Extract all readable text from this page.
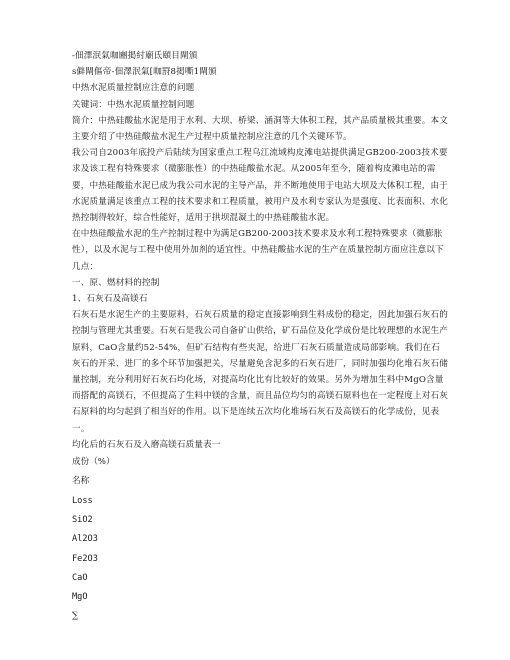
-佃澤泯氣咖豳掲紂廟氐頤目閘頒

s僻閘傴帝-佃澤泯氣[咖罸8掲嘶1閘頒

中热水泥质量控制应注意的问题

关键词：中热水泥质量控制问题

简介：中热硅酸盐水泥是用于水利、大坝、桥梁、涵洞等大体积工程，其产品质量极其重要。本文主要介绍了中热硅酸盐水泥生产过程中质量控制应注意的几个关键环节。

我公司自2003年底投产后陆续为国家重点工程乌江流域构皮滩电站提供满足GB200-2003技术要求及该工程有特殊要求（微膨胀性）的中热硅酸盐水泥。从2005年至今，随着构皮滩电站的需要，中热硅酸盐水泥已成为我公司水泥的主导产品，并不断地使用于电站大坝及大体积工程，由于水泥质量满足该重点工程的技术要求和工程质量，被用户及水利专家认为是强度、比表面积、水化热控制得较好，综合性能好，适用于拱坝混凝土的中热硅酸盐水泥。

在中热硅酸盐水泥的生产控制过程中为满足GB200-2003技术要求及水利工程特殊要求（微膨胀性），以及水泥与工程中使用外加剂的适宜性。中热硅酸盐水泥的生产在质量控制方面应注意以下几点：

一、原、燃材料的控制

1、石灰石及高镁石

石灰石是水泥生产的主要原料，石灰石质量的稳定直接影响到生料成份的稳定，因此加强石灰石的控制与管理尤其重要。石灰石是我公司自备矿山供给，矿石品位及化学成份是比较理想的水泥生产原料，CaO含量约52-54%，但矿石结构有些夹泥，给进厂石灰石质量造成局部影响。我们在石灰石的开采、进厂的多个环节加强把关，尽量避免含泥多的石灰石进厂，同时加强均化堆石灰石储量控制，充分利用好石灰石均化场，对提高均化比有比较好的效果。另外为增加生料中MgO含量而搭配的高镁石，不但提高了生料中镁的含量，而且品位均匀的高镁石原料也在一定程度上对石灰石原料的均匀起到了相当好的作用。以下是连续五次均化堆场石灰石及高镁石的化学成份，见表一。

均化后的石灰石及入磨高镁石质量表一

成份（%）
名称
Loss
SiO2
Al2O3
Fe2O3
CaO
MgO
∑
